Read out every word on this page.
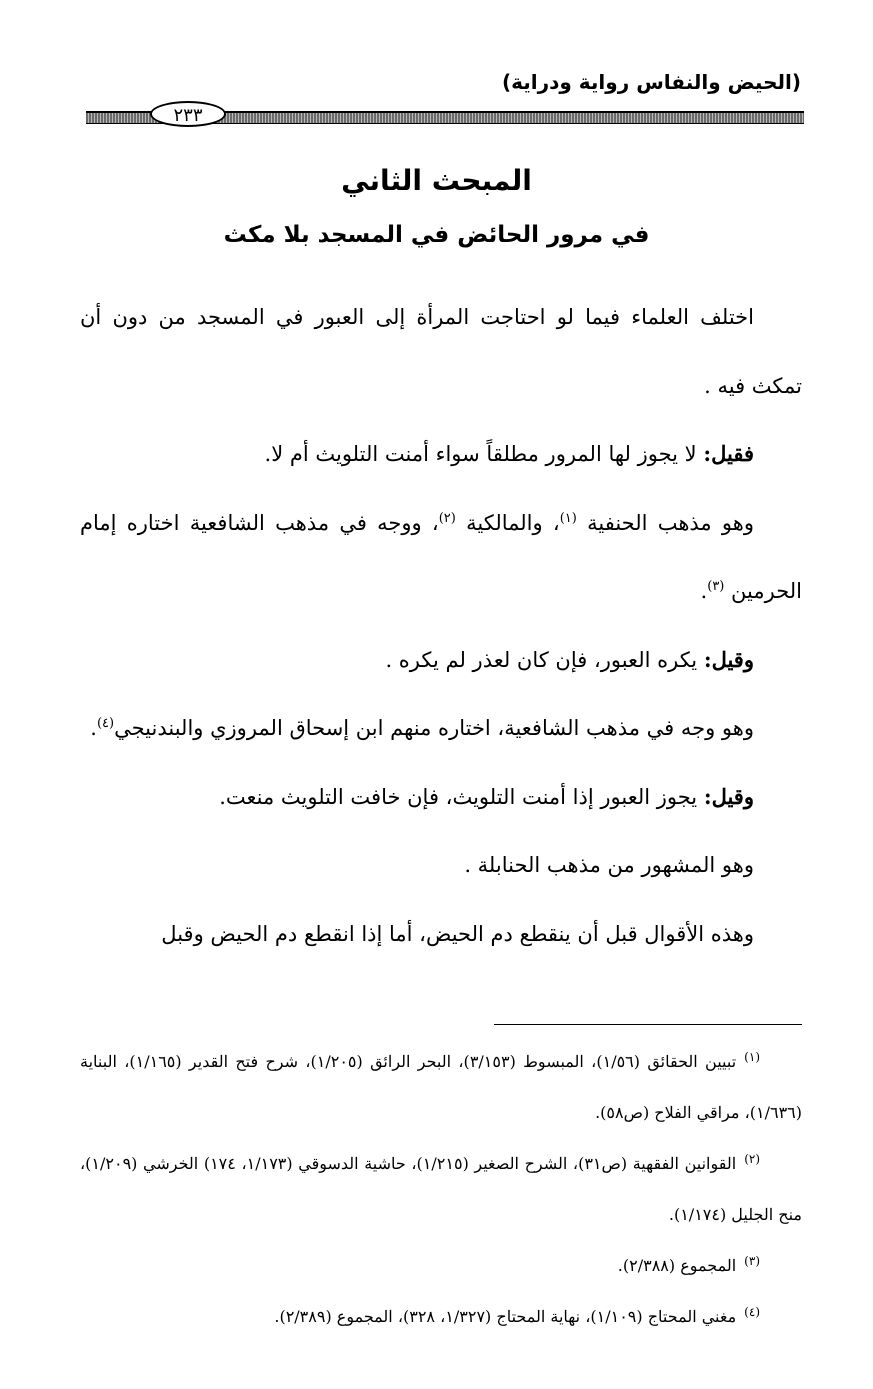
(الحيض والنفاس رواية ودراية)
٢٣٣
المبحث الثاني
في مرور الحائض في المسجد بلا مكث

اختلف العلماء فيما لو احتاجت المرأة إلى العبور في المسجد من دون أن تمكث فيه .

فقيل: لا يجوز لها المرور مطلقاً سواء أمنت التلويث أم لا.

وهو مذهب الحنفية $^{(١)}$، والمالكية $^{(٢)}$، ووجه في مذهب الشافعية اختاره إمام الحرمين $^{(٣)}$.

وقيل: يكره العبور، فإن كان لعذر لم يكره .

وهو وجه في مذهب الشافعية، اختاره منهم ابن إسحاق المروزي والبندنيجي$^{(٤)}$.

وقيل: يجوز العبور إذا أمنت التلويث، فإن خافت التلويث منعت.

وهو المشهور من مذهب الحنابلة .

وهذه الأقوال قبل أن ينقطع دم الحيض، أما إذا انقطع دم الحيض وقبل

$^{(١)}$تبيين الحقائق (١/٥٦)، المبسوط (٣/١٥٣)، البحر الرائق (١/٢٠٥)، شرح فتح القدير (١/١٦٥)، البناية (١/٦٣٦)، مراقي الفلاح (ص٥٨).

$^{(٢)}$القوانين الفقهية (ص٣١)، الشرح الصغير (١/٢١٥)، حاشية الدسوقي (١/١٧٣، ١٧٤) الخرشي (١/٢٠٩)، منح الجليل (١/١٧٤).

$^{(٣)}$المجموع (٢/٣٨٨).

$^{(٤)}$مغني المحتاج (١/١٠٩)، نهاية المحتاج (١/٣٢٧، ٣٢٨)، المجموع (٢/٣٨٩).
